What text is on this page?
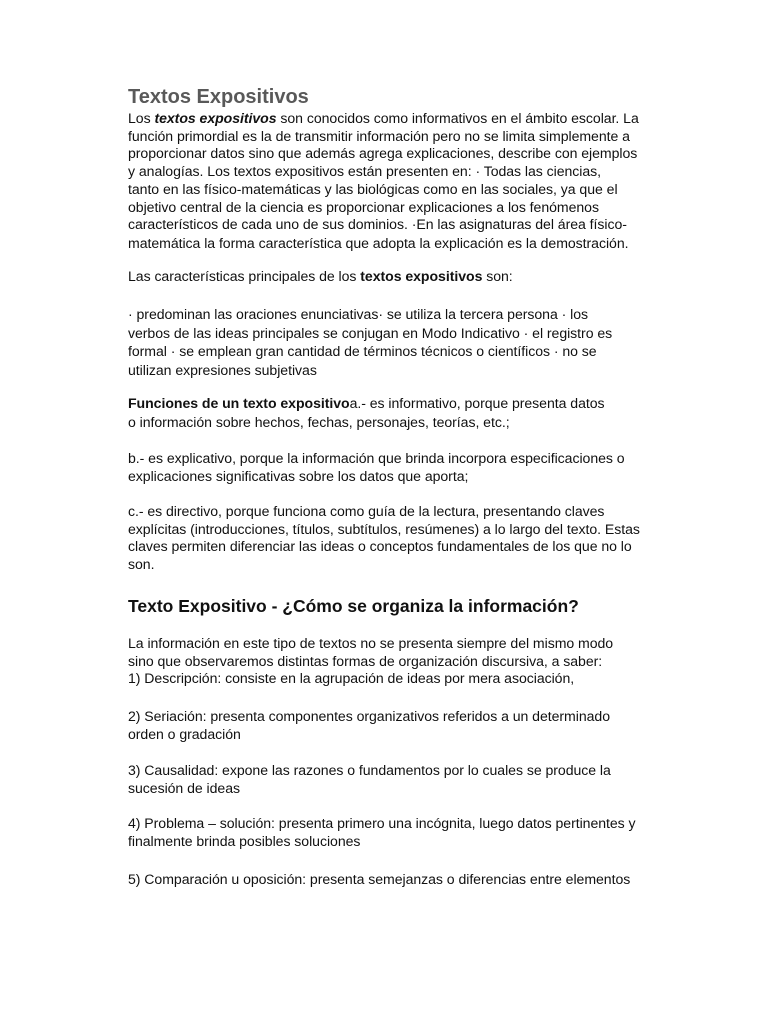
Textos Expositivos

Los textos expositivos son conocidos como informativos en el ámbito escolar. La
función primordial es la de transmitir información pero no se limita simplemente a
proporcionar datos sino que además agrega explicaciones, describe con ejemplos
y analogías. Los textos expositivos están presenten en: · Todas las ciencias,
tanto en las físico-matemáticas y las biológicas como en las sociales, ya que el
objetivo central de la ciencia es proporcionar explicaciones a los fenómenos
característicos de cada uno de sus dominios. ·En las asignaturas del área físico-
matemática la forma característica que adopta la explicación es la demostración.

Las características principales de los textos expositivos son:

· predominan las oraciones enunciativas· se utiliza la tercera persona · los
verbos de las ideas principales se conjugan en Modo Indicativo · el registro es
formal · se emplean gran cantidad de términos técnicos o científicos · no se
utilizan expresiones subjetivas

Funciones de un texto expositivoa.- es informativo, porque presenta datos
o información sobre hechos, fechas, personajes, teorías, etc.;

b.- es explicativo, porque la información que brinda incorpora especificaciones o
explicaciones significativas sobre los datos que aporta;

c.- es directivo, porque funciona como guía de la lectura, presentando claves
explícitas (introducciones, títulos, subtítulos, resúmenes) a lo largo del texto. Estas
claves permiten diferenciar las ideas o conceptos fundamentales de los que no lo
son.

Texto Expositivo - ¿Cómo se organiza la información?

La información en este tipo de textos no se presenta siempre del mismo modo
sino que observaremos distintas formas de organización discursiva, a saber:
1) Descripción: consiste en la agrupación de ideas por mera asociación,

2) Seriación: presenta componentes organizativos referidos a un determinado
orden o gradación

3) Causalidad: expone las razones o fundamentos por lo cuales se produce la
sucesión de ideas

4) Problema – solución: presenta primero una incógnita, luego datos pertinentes y
finalmente brinda posibles soluciones

5) Comparación u oposición: presenta semejanzas o diferencias entre elementos
